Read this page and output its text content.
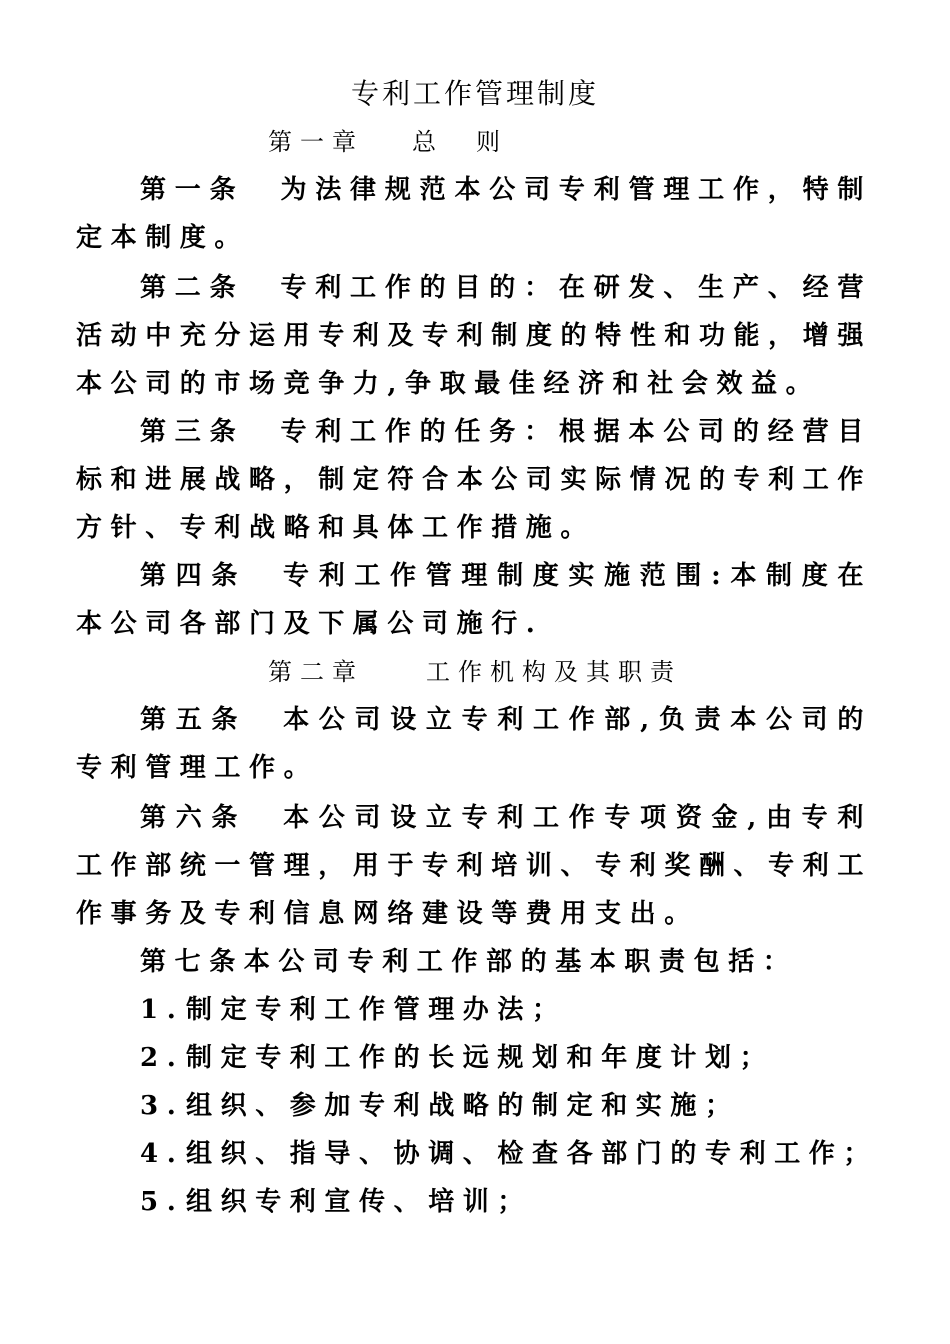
专利工作管理制度
第一章 总　则

第一条 为法律规范本公司专利管理工作，特制定本制度。

第二条 专利工作的目的：在研发、生产、经营活动中充分运用专利及专利制度的特性和功能，增强本公司的市场竞争力,争取最佳经济和社会效益。

第三条 专利工作的任务：根据本公司的经营目标和进展战略，制定符合本公司实际情况的专利工作方针、专利战略和具体工作措施。

第四条 专利工作管理制度实施范围:本制度在本公司各部门及下属公司施行.

第二章	工作机构及其职责

第五条 本公司设立专利工作部,负责本公司的专利管理工作。

第六条 本公司设立专利工作专项资金,由专利工作部统一管理，用于专利培训、专利奖酬、专利工作事务及专利信息网络建设等费用支出。

第七条本公司专利工作部的基本职责包括：
1.制定专利工作管理办法；
2.制定专利工作的长远规划和年度计划；
3.组织、参加专利战略的制定和实施；
4.组织、指导、协调、检查各部门的专利工作；
5.组织专利宣传、培训；
